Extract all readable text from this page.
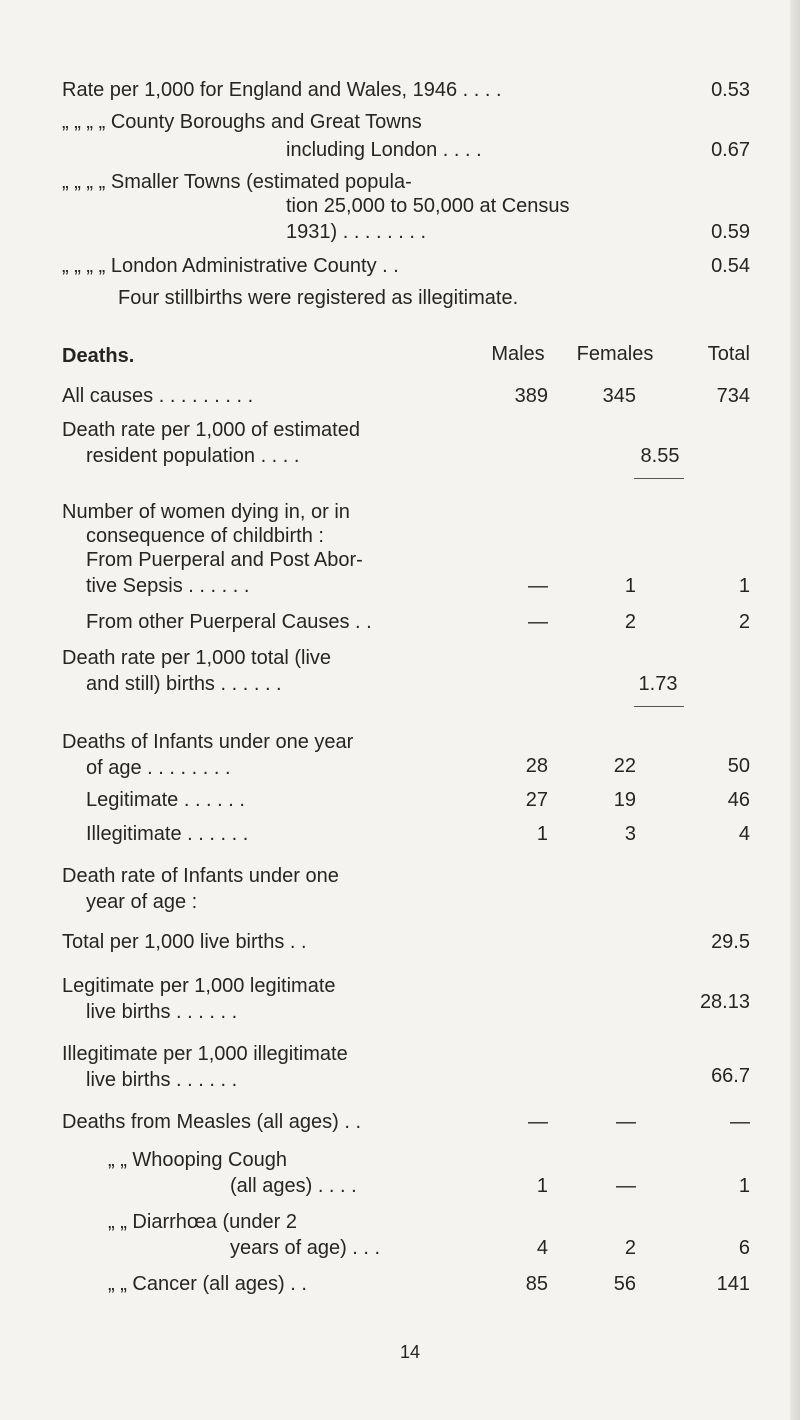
Rate per 1,000 for England and Wales, 1946 . . . .	0.53
„ „ „ „ County Boroughs and Great Towns
including London . . . .	0.67
„ „ „ „ Smaller Towns (estimated popula-
tion 25,000 to 50,000 at Census
1931) . . . . . . . .	0.59
„ „ „ „ London Administrative County . .	0.54
Four stillbirths were registered as illegitimate.
Deaths.	Males	Females	Total
All causes . . . . . . . . .	389	345	734
Death rate per 1,000 of estimated
resident population . . . .	8.55
Number of women dying in, or in
consequence of childbirth :
From Puerperal and Post Abor-
tive Sepsis . . . . . .	—	1	1
From other Puerperal Causes . .	—	2	2
Death rate per 1,000 total (live
and still) births . . . . . .	1.73
Deaths of Infants under one year
of age . . . . . . . .	28	22	50
Legitimate . . . . . .	27	19	46
Illegitimate . . . . . .	1	3	4
Death rate of Infants under one
year of age :
Total per 1,000 live births . .	29.5
Legitimate per 1,000 legitimate
live births . . . . . .	28.13
Illegitimate per 1,000 illegitimate
live births . . . . . .	66.7
Deaths from Measles (all ages) . .	—	—	—
„ „ Whooping Cough
(all ages) . . . .	1	—	1
„ „ Diarrhœa (under 2
years of age) . . .	4	2	6
„ „ Cancer (all ages) . .	85	56	141
14
